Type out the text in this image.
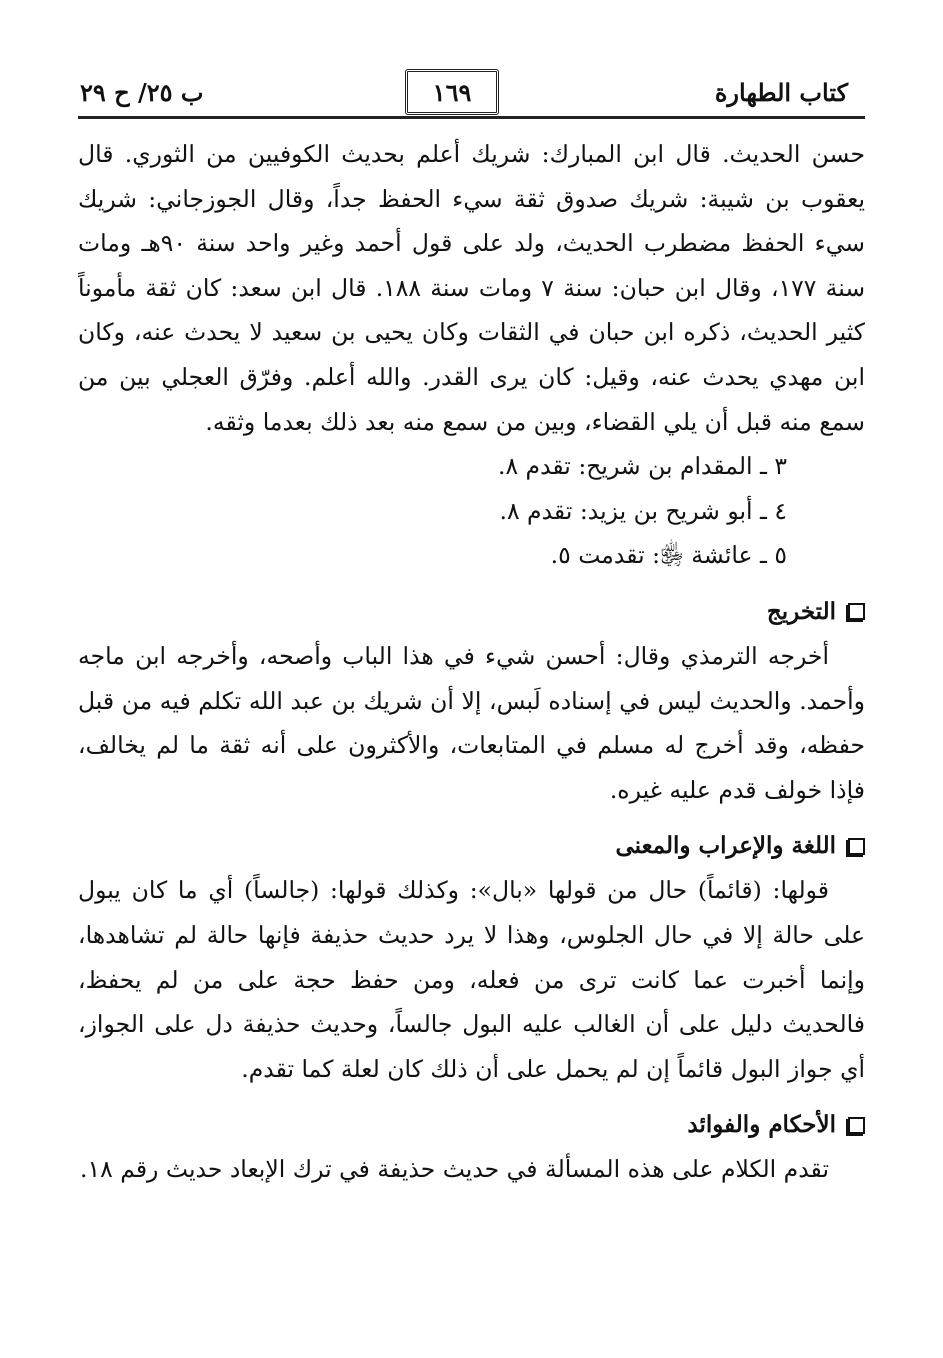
كتاب الطهارة
١٦٩
ب ٢٥/ ح ٢٩

حسن الحديث. قال ابن المبارك: شريك أعلم بحديث الكوفيين من الثوري. قال يعقوب بن شيبة: شريك صدوق ثقة سيء الحفظ جداً، وقال الجوزجاني: شريك سيء الحفظ مضطرب الحديث، ولد على قول أحمد وغير واحد سنة ٩٠هـ ومات سنة ١٧٧، وقال ابن حبان: سنة ٧ ومات سنة ١٨٨. قال ابن سعد: كان ثقة مأموناً كثير الحديث، ذكره ابن حبان في الثقات وكان يحيى بن سعيد لا يحدث عنه، وكان ابن مهدي يحدث عنه، وقيل: كان يرى القدر. والله أعلم. وفرّق العجلي بين من سمع منه قبل أن يلي القضاء، وبين من سمع منه بعد ذلك بعدما وثقه.

٣ ـ المقدام بن شريح: تقدم ٨.
٤ ـ أبو شريح بن يزيد: تقدم ٨.
٥ ـ عائشة ﵂: تقدمت ٥.
التخريج

أخرجه الترمذي وقال: أحسن شيء في هذا الباب وأصحه، وأخرجه ابن ماجه وأحمد. والحديث ليس في إسناده لَبس، إلا أن شريك بن عبد الله تكلم فيه من قبل حفظه، وقد أخرج له مسلم في المتابعات، والأكثرون على أنه ثقة ما لم يخالف، فإذا خولف قدم عليه غيره.

اللغة والإعراب والمعنى

قولها: (قائماً) حال من قولها «بال»: وكذلك قولها: (جالساً) أي ما كان يبول على حالة إلا في حال الجلوس، وهذا لا يرد حديث حذيفة فإنها حالة لم تشاهدها، وإنما أخبرت عما كانت ترى من فعله، ومن حفظ حجة على من لم يحفظ، فالحديث دليل على أن الغالب عليه البول جالساً، وحديث حذيفة دل على الجواز، أي جواز البول قائماً إن لم يحمل على أن ذلك كان لعلة كما تقدم.

الأحكام والفوائد

تقدم الكلام على هذه المسألة في حديث حذيفة في ترك الإبعاد حديث رقم ١٨.
